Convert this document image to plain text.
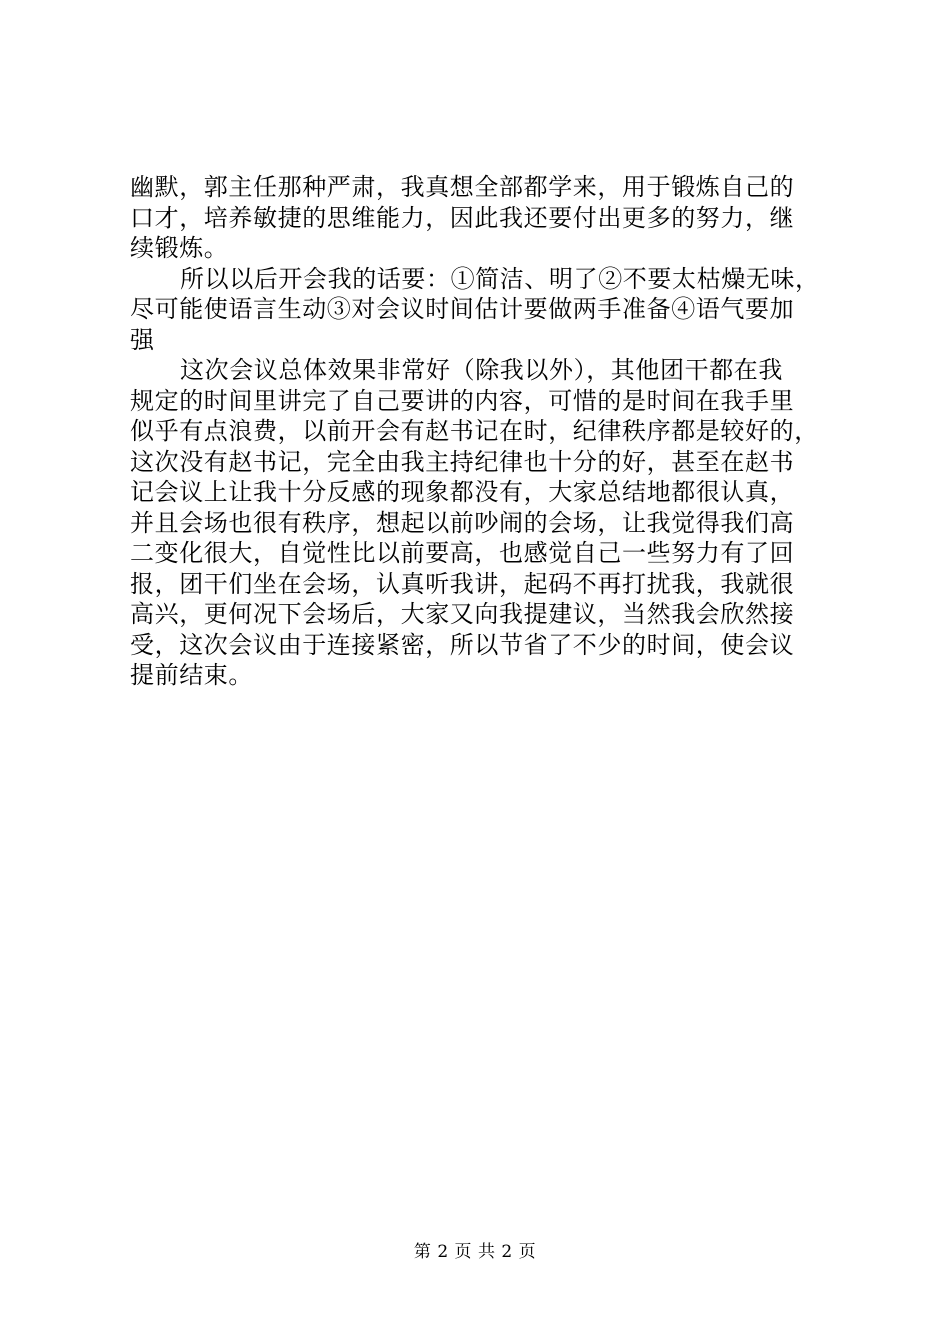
幽默，郭主任那种严肃，我真想全部都学来，用于锻炼自己的
口才，培养敏捷的思维能力，因此我还要付出更多的努力，继
续锻炼。
所以以后开会我的话要：①简洁、明了②不要太枯燥无味，
尽可能使语言生动③对会议时间估计要做两手准备④语气要加
强
这次会议总体效果非常好（除我以外），其他团干都在我
规定的时间里讲完了自己要讲的内容，可惜的是时间在我手里
似乎有点浪费，以前开会有赵书记在时，纪律秩序都是较好的，
这次没有赵书记，完全由我主持纪律也十分的好，甚至在赵书
记会议上让我十分反感的现象都没有，大家总结地都很认真，
并且会场也很有秩序，想起以前吵闹的会场，让我觉得我们高
二变化很大，自觉性比以前要高，也感觉自己一些努力有了回
报，团干们坐在会场，认真听我讲，起码不再打扰我，我就很
高兴，更何况下会场后，大家又向我提建议，当然我会欣然接
受，这次会议由于连接紧密，所以节省了不少的时间，使会议
提前结束。
第 2 页 共 2 页
